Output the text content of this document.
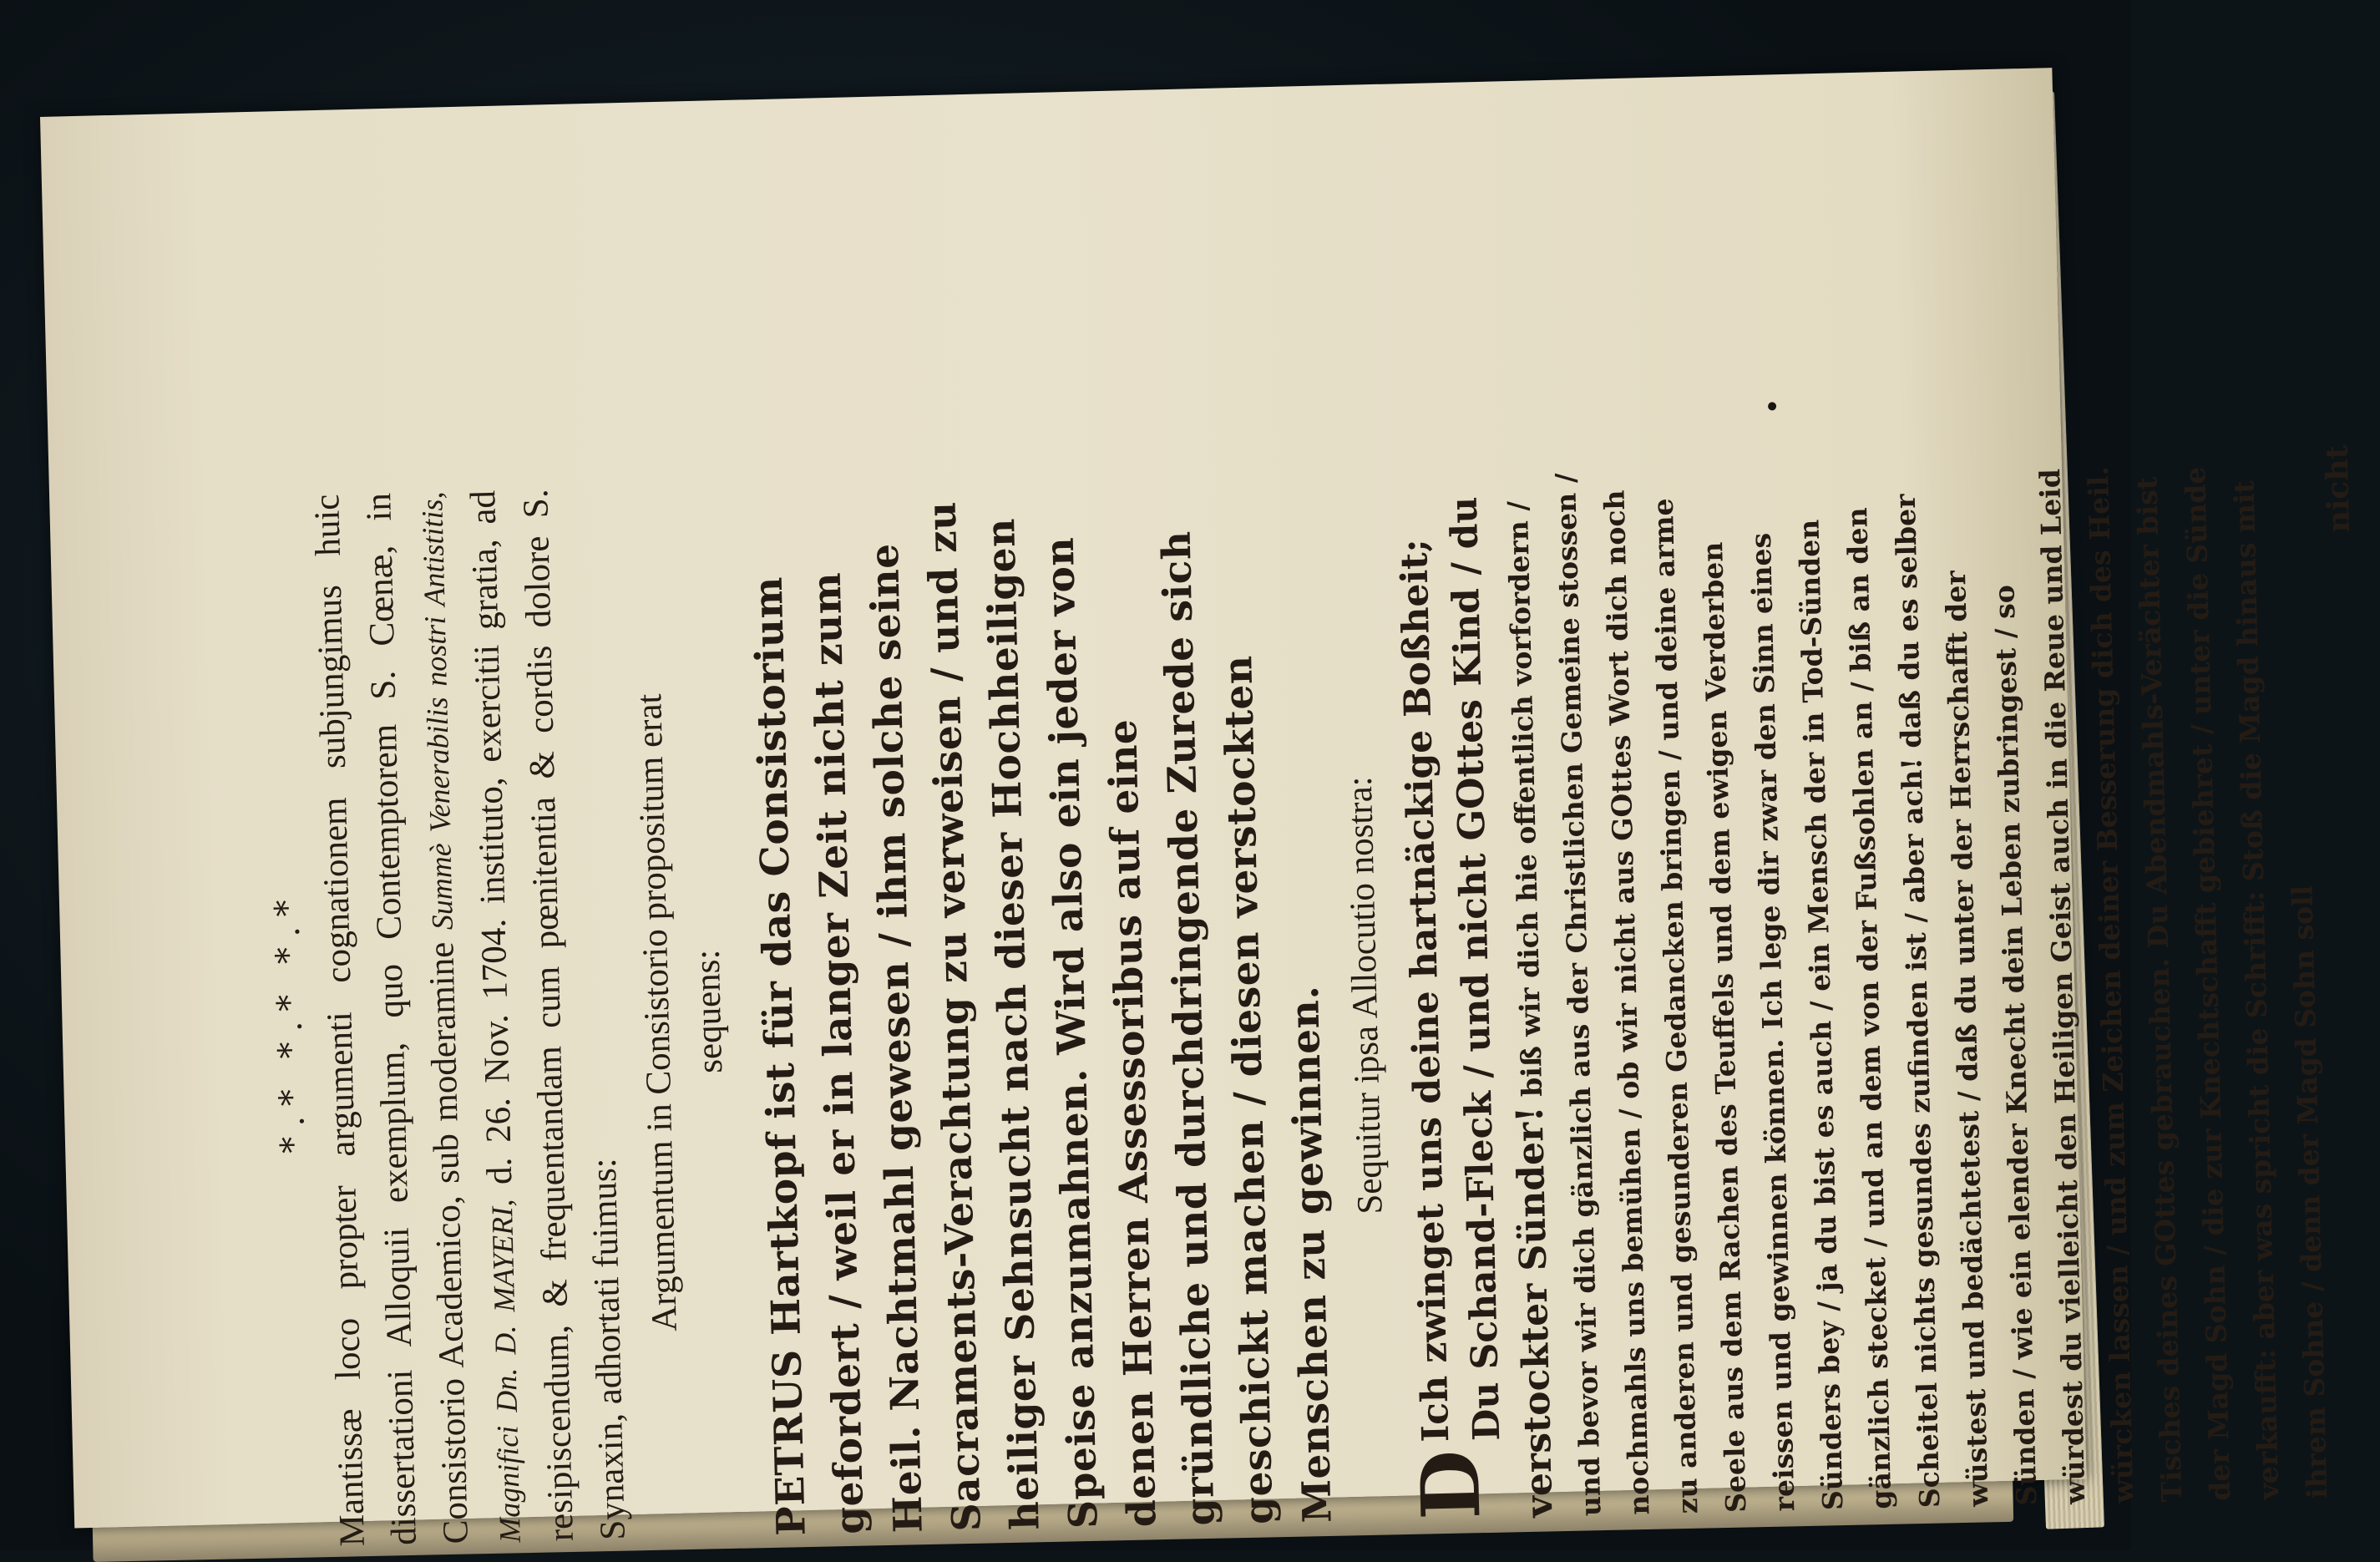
*.* *.* *.*
Mantissæ loco propter argumenti cognationem subjungimus huic dissertationi Alloquii exemplum, quo Contemptorem S. Cœnæ, in Consistorio Academico, sub moderamine Summè Venerabilis nostri Antistitis, Magnifici Dn. D. MAYERI, d. 26. Nov. 1704. instituto, exercitii gratia, ad resipiscendum, & frequentandam cum pœnitentia & cordis dolore S. Synaxin, adhortati fuimus:
Argumentum in Consistorio propositum erat sequens: PETRUS Hartkopf ist für das Consistorium gefordert / weil er in langer Zeit nicht zum Heil. Nachtmahl gewesen / ihm solche seine Sacraments-Verachtung zu verweisen / und zu heiliger Sehnsucht nach dieser Hochheiligen Speise anzumahnen. Wird also ein jeder von denen Herren Assessoribus auf eine gründliche und durchdringende Zurede sich geschickt machen / diesen verstockten Menschen zu gewinnen. Sequitur ipsa Allocutio nostra:
D
Ich zwinget uns deine hartnäckige Boßheit; Du Schand-Fleck / und nicht GOttes Kind / du verstockter Sünder! biß wir dich hie offentlich vorfordern / und bevor wir dich gänzlich aus der Christlichen Gemeine stossen / nochmahls uns bemühen / ob wir nicht aus GOttes Wort dich noch zu anderen und gesunderen Gedancken bringen / und deine arme Seele aus dem Rachen des Teuffels und dem ewigen Verderben reissen und gewinnen können. Ich lege dir zwar den Sinn eines Sünders bey / ja du bist es auch / ein Mensch der in Tod-Sünden gänzlich stecket / und an dem von der Fußsohlen an / biß an den Scheitel nichts gesundes zufinden ist / aber ach! daß du es selber wüstest und bedächtetest / daß du unter der Herrschafft der Sünden / wie ein elender Knecht dein Leben zubringest / so würdest du vielleicht den Heiligen Geist auch in die Reue und Leid würcken lassen / und zum Zeichen deiner Besserung dich des Heil. Tisches deines GOttes gebrauchen. Du Abendmahls-Verächter bist der Magd Sohn / die zur Knechtschafft gebiehret / unter die Sünde verkaufft: aber was spricht die Schrifft: Stoß die Magd hinaus mit ihrem Sohne / denn der Magd Sohn soll
nicht
